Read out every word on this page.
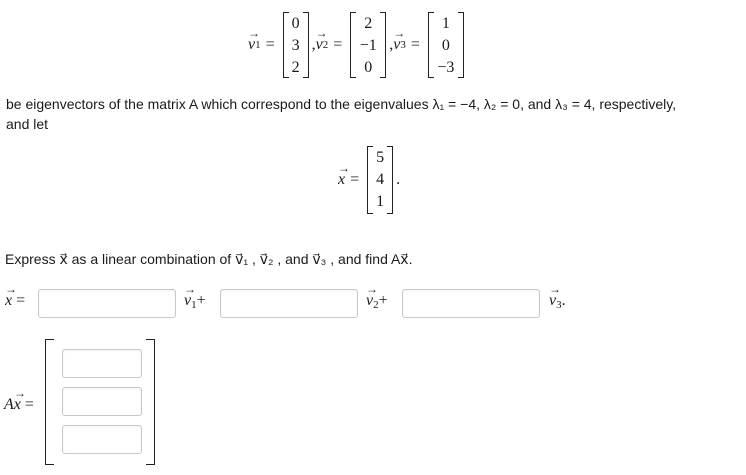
→
v 1 =
0
3
2
,
→
v 2 =
2
−1
0
,
→
v 3 =
1
0
−3
be eigenvectors of the matrix A which correspond to the eigenvalues λ₁ = −4, λ₂ = 0, and λ₃ = 4, respectively,
and let
→
x =
5
4
1
.
Express x⃗ as a linear combination of v⃗₁ , v⃗₂ , and v⃗₃ , and find Ax⃗.
→
x =
→
$v_1+$
→
$v_2+$
→
$v_3$.
→
Ax =
